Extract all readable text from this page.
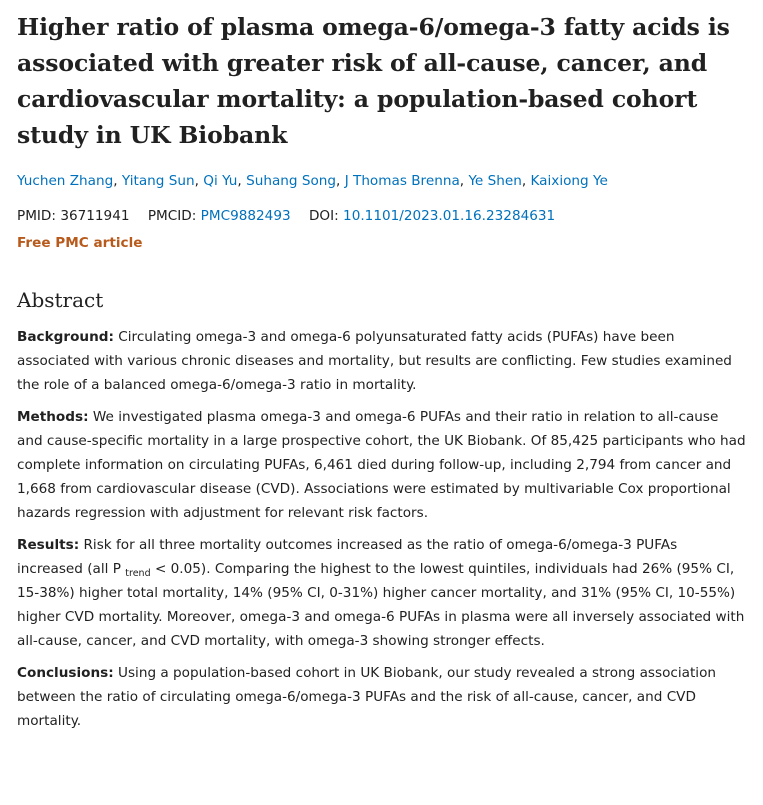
Higher ratio of plasma omega-6/omega-3 fatty acids is associated with greater risk of all-cause, cancer, and cardiovascular mortality: a population-based cohort study in UK Biobank
Yuchen Zhang, Yitang Sun, Qi Yu, Suhang Song, J Thomas Brenna, Ye Shen, Kaixiong Ye
PMID: 36711941 PMCID: PMC9882493 DOI: 10.1101/2023.01.16.23284631
Free PMC article
Abstract

Background: Circulating omega-3 and omega-6 polyunsaturated fatty acids (PUFAs) have been associated with various chronic diseases and mortality, but results are conflicting. Few studies examined the role of a balanced omega-6/omega-3 ratio in mortality.

Methods: We investigated plasma omega-3 and omega-6 PUFAs and their ratio in relation to all-cause and cause-specific mortality in a large prospective cohort, the UK Biobank. Of 85,425 participants who had complete information on circulating PUFAs, 6,461 died during follow-up, including 2,794 from cancer and 1,668 from cardiovascular disease (CVD). Associations were estimated by multivariable Cox proportional hazards regression with adjustment for relevant risk factors.

Results: Risk for all three mortality outcomes increased as the ratio of omega-6/omega-3 PUFAs increased (all P $_{trend}$ < 0.05). Comparing the highest to the lowest quintiles, individuals had 26% (95% CI, 15-38%) higher total mortality, 14% (95% CI, 0-31%) higher cancer mortality, and 31% (95% CI, 10-55%) higher CVD mortality. Moreover, omega-3 and omega-6 PUFAs in plasma were all inversely associated with all-cause, cancer, and CVD mortality, with omega-3 showing stronger effects.

Conclusions: Using a population-based cohort in UK Biobank, our study revealed a strong association between the ratio of circulating omega-6/omega-3 PUFAs and the risk of all-cause, cancer, and CVD mortality.
